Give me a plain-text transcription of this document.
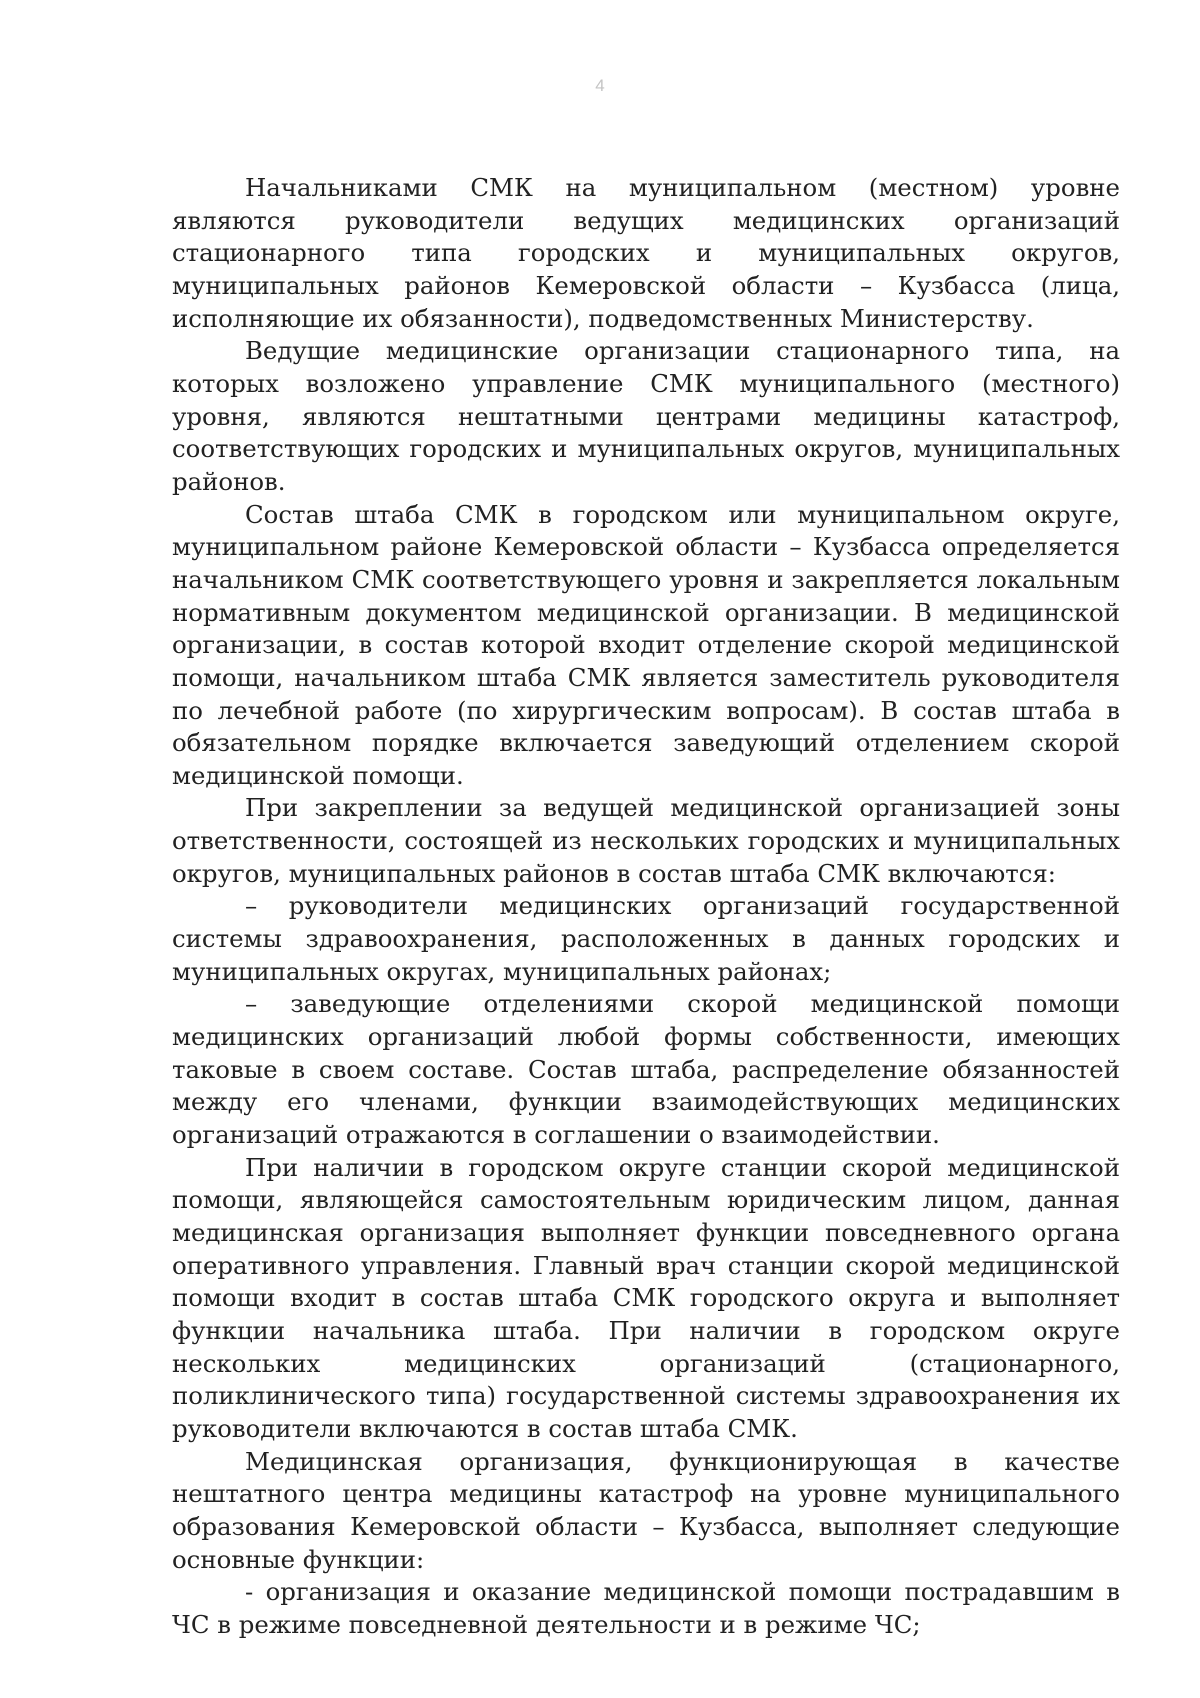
4

Начальниками СМК на муниципальном (местном) уровне являются руководители ведущих медицинских организаций стационарного типа городских и муниципальных округов, муниципальных районов Кемеровской области – Кузбасса (лица, исполняющие их обязанности), подведомственных Министерству.

Ведущие медицинские организации стационарного типа, на которых возложено управление СМК муниципального (местного) уровня, являются нештатными центрами медицины катастроф, соответствующих городских и муниципальных округов, муниципальных районов.

Состав штаба СМК в городском или муниципальном округе, муниципальном районе Кемеровской области – Кузбасса определяется начальником СМК соответствующего уровня и закрепляется локальным нормативным документом медицинской организации. В медицинской организации, в состав которой входит отделение скорой медицинской помощи, начальником штаба СМК является заместитель руководителя по лечебной работе (по хирургическим вопросам). В состав штаба в обязательном порядке включается заведующий отделением скорой медицинской помощи.

При закреплении за ведущей медицинской организацией зоны ответственности, состоящей из нескольких городских и муниципальных округов, муниципальных районов в состав штаба СМК включаются:

– руководители медицинских организаций государственной системы здравоохранения, расположенных в данных городских и муниципальных округах, муниципальных районах;

– заведующие отделениями скорой медицинской помощи медицинских организаций любой формы собственности, имеющих таковые в своем составе. Состав штаба, распределение обязанностей между его членами, функции взаимодействующих медицинских организаций отражаются в соглашении о взаимодействии.

При наличии в городском округе станции скорой медицинской помощи, являющейся самостоятельным юридическим лицом, данная медицинская организация выполняет функции повседневного органа оперативного управления. Главный врач станции скорой медицинской помощи входит в состав штаба СМК городского округа и выполняет функции начальника штаба. При наличии в городском округе нескольких медицинских организаций (стационарного, поликлинического типа) государственной системы здравоохранения их руководители включаются в состав штаба СМК.

Медицинская организация, функционирующая в качестве нештатного центра медицины катастроф на уровне муниципального образования Кемеровской области – Кузбасса, выполняет следующие основные функции:

- организация и оказание медицинской помощи пострадавшим в ЧС в режиме повседневной деятельности и в режиме ЧС;
